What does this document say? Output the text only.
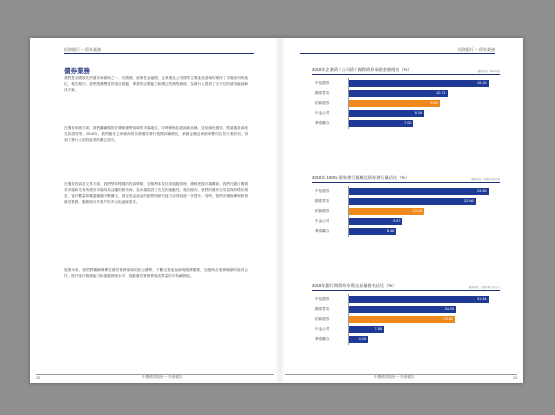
投資銀行 ─ 債券業務
債券業務

我們是全國領先的債券承銷商之一，在國債、政策性金融債、企業債及公司債等主要產品領域均保持了市場前列的地位。報告期內，我們憑藉豐富的項目經驗、專業的定價能力和廣泛的銷售網絡，為發行人提供了全方位的債券融資解決方案。

在債券承銷方面，我們繼續鞏固在傳統優勢領域的市場地位，同時積極拓展創新品種，包括綠色債券、熊貓債及資產支持證券等。2018年，我們擔任主承銷商的各類債券發行規模持續增長，承銷金額及承銷家數均位居行業前列，得到了發行人和投資者的廣泛認可。

在債券投資及交易方面，我們堅持穩健的投資策略，加強利率及信用風險管理，積極把握市場機會。我們在銀行間債券市場和交易所債券市場均為活躍的做市商，為市場提供了充足的流動性。報告期內，我們的債券交易量保持穩步增長，客戶數量和覆蓋範圍不斷擴大，固定收益產品的銷售與研究能力亦得到進一步提升。同時，我們亦積極參與跨境債券業務，服務境內外客戶的多元化融資需求。

展望未來，我們將繼續發揮在債券業務領域的綜合優勢，不斷完善產品線與服務體系，加強與各業務條線的協同合作，提升客戶服務能力和風險管理水平，推動債券業務實現高質量的可持續發展。

12	中國債券股份 ─ 年度報告
投資銀行 ─ 債券業務
2018年企業債 / 公司債 / 國際債券承銷金額排名（%）	數據來源：Wind資訊
中信證券	15.15
國泰君安	10.71
招商證券	9.84
中金公司	8.16
華泰聯合	7.00
2018年 100% 債券發行規模及債券發行量佔比（%）	數據來源：中國債券信息網
中信證券	24.96
國泰君安	22.66
招商證券	13.44
中金公司	9.57
華泰聯合	8.46
2018年銀行間債券市場交易量排名佔比（%）	數據來源：中國外匯交易中心
中信證券	31.34
國泰君安	24.09
招商證券	23.82
中金公司	7.85
華泰聯合	4.26
中國債券股份 ─ 年度報告	13
